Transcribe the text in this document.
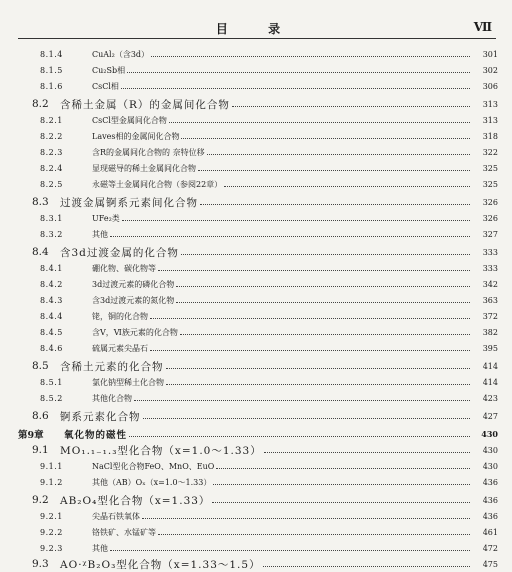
目 录	Ⅶ
8.1.4	CuAl₂（含3d）	301
8.1.5	Cu₂Sb相	302
8.1.6	CsCl相	306
8.2	含稀土金属（R）的金属间化合物	313
8.2.1	CsCl型金属间化合物	313
8.2.2	Laves相的金属间化合物	318
8.2.3	含R的金属间化合物的 奈特位移	322
8.2.4	显现磁导的稀土金属间化合物	325
8.2.5	永磁等土金属间化合物（参阅22章）	325
8.3	过渡金属锕系元素间化合物	326
8.3.1	UFe₂类	326
8.3.2	其他	327
8.4	含3d过渡金属的化合物	333
8.4.1	硼化物、碳化物等	333
8.4.2	3d过渡元素的磷化合物	342
8.4.3	含3d过渡元素的氮化物	363
8.4.4	铑，铜的化合物	372
8.4.5	含Ⅴ，Ⅵ族元素的化合物	382
8.4.6	硫属元素尖晶石	395
8.5	含稀土元素的化合物	414
8.5.1	氯化钠型稀土化合物	414
8.5.2	其他化合物	423
8.6	锕系元素化合物	427
第9章	氧化物的磁性	430
9.1	MO₁.₁₋₁.₃型化合物（x=1.0～1.33）	430
9.1.1	NaCl型化合物FeO、MnO、EuO	430
9.1.2	其他（AB）Oₓ（x=1.0～1.33）	436
9.2	AB₂O₄型化合物（x=1.33）	436
9.2.1	尖晶石铁氧体	436
9.2.2	铬铁矿、水锰矿等	461
9.2.3	其他	472
9.3	AO·ᵡB₂O₃型化合物（x=1.33～1.5）	475
